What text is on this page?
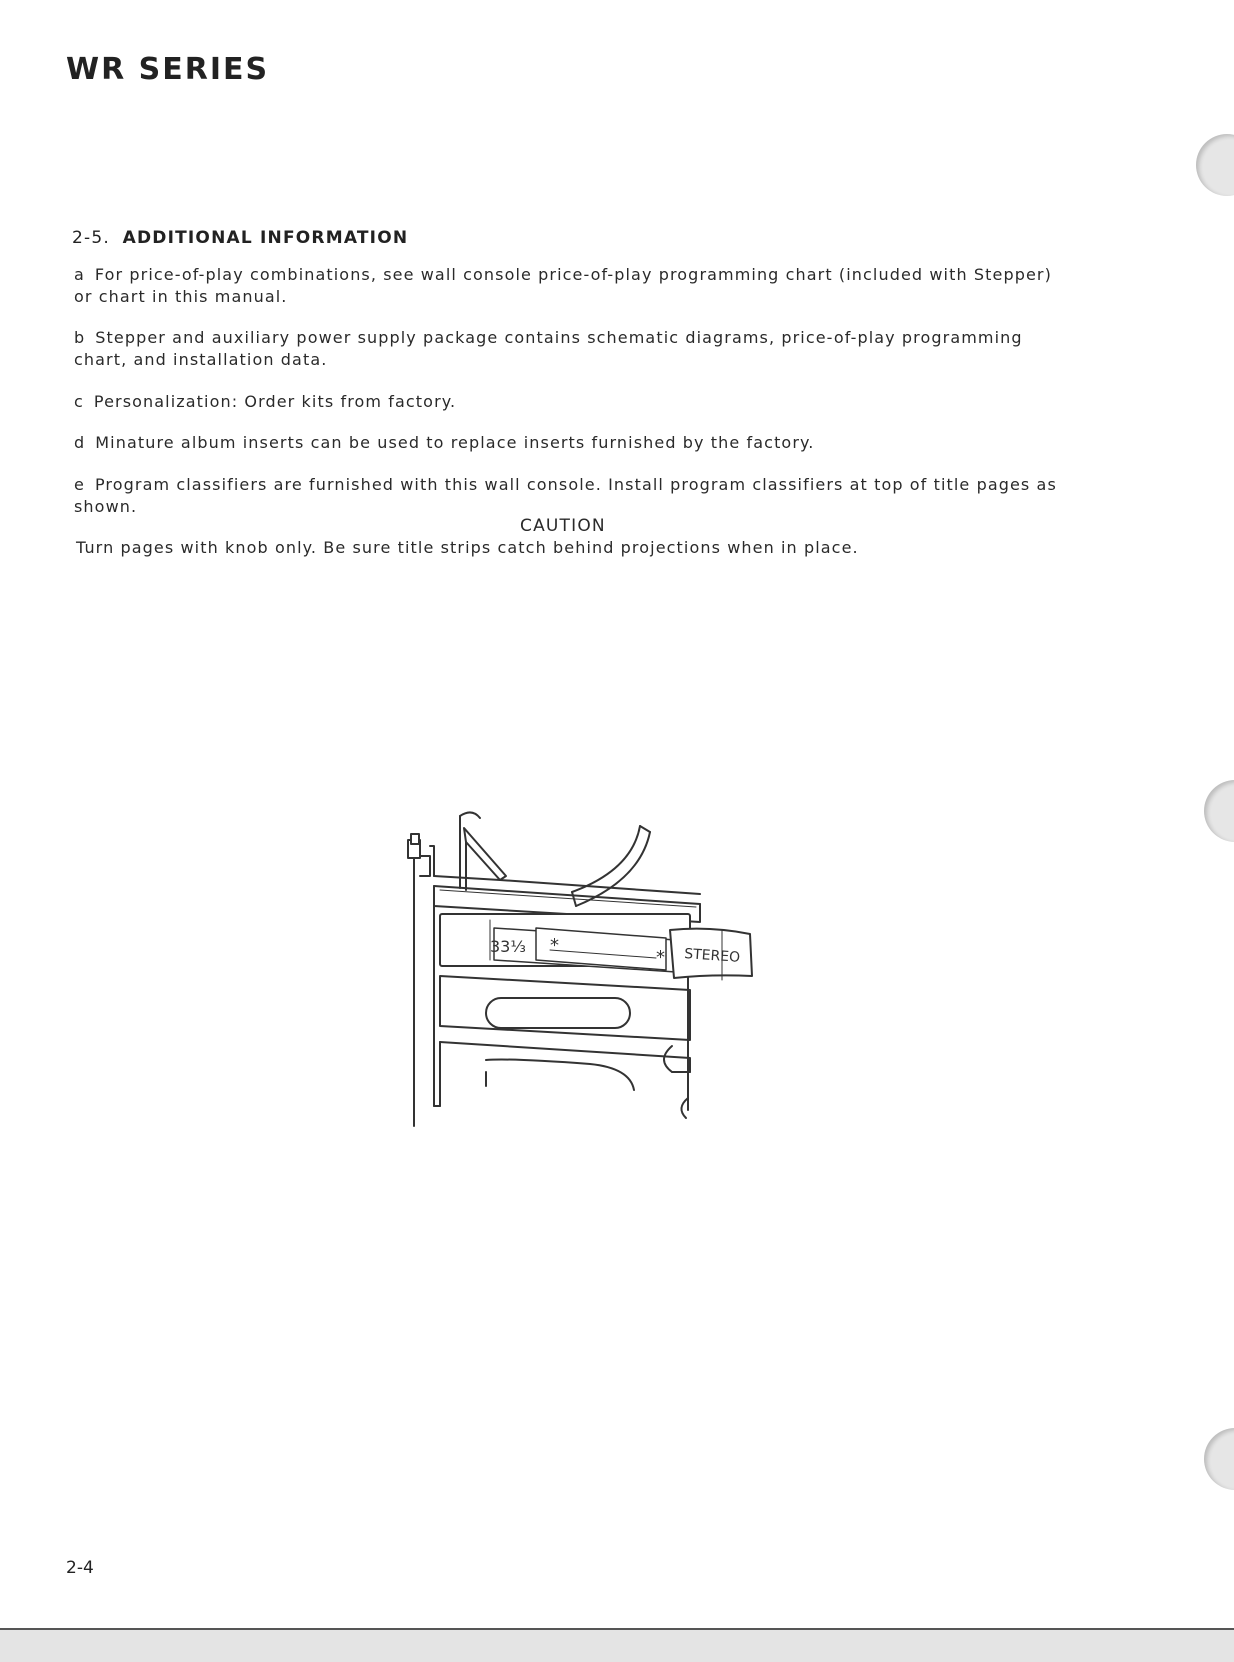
WR SERIES
2-5. ADDITIONAL INFORMATION
a For price-of-play combinations, see wall console price-of-play programming chart (included with Stepper) or chart in this manual.
b Stepper and auxiliary power supply package contains schematic diagrams, price-of-play programming chart, and installation data.
c Personalization: Order kits from factory.
d Minature album inserts can be used to replace inserts furnished by the factory.
e Program classifiers are furnished with this wall console. Install program classifiers at top of title pages as shown.
CAUTION
Turn pages with knob only. Be sure title strips catch behind projections when in place.
33⅓ *
* STEREO
2-4
